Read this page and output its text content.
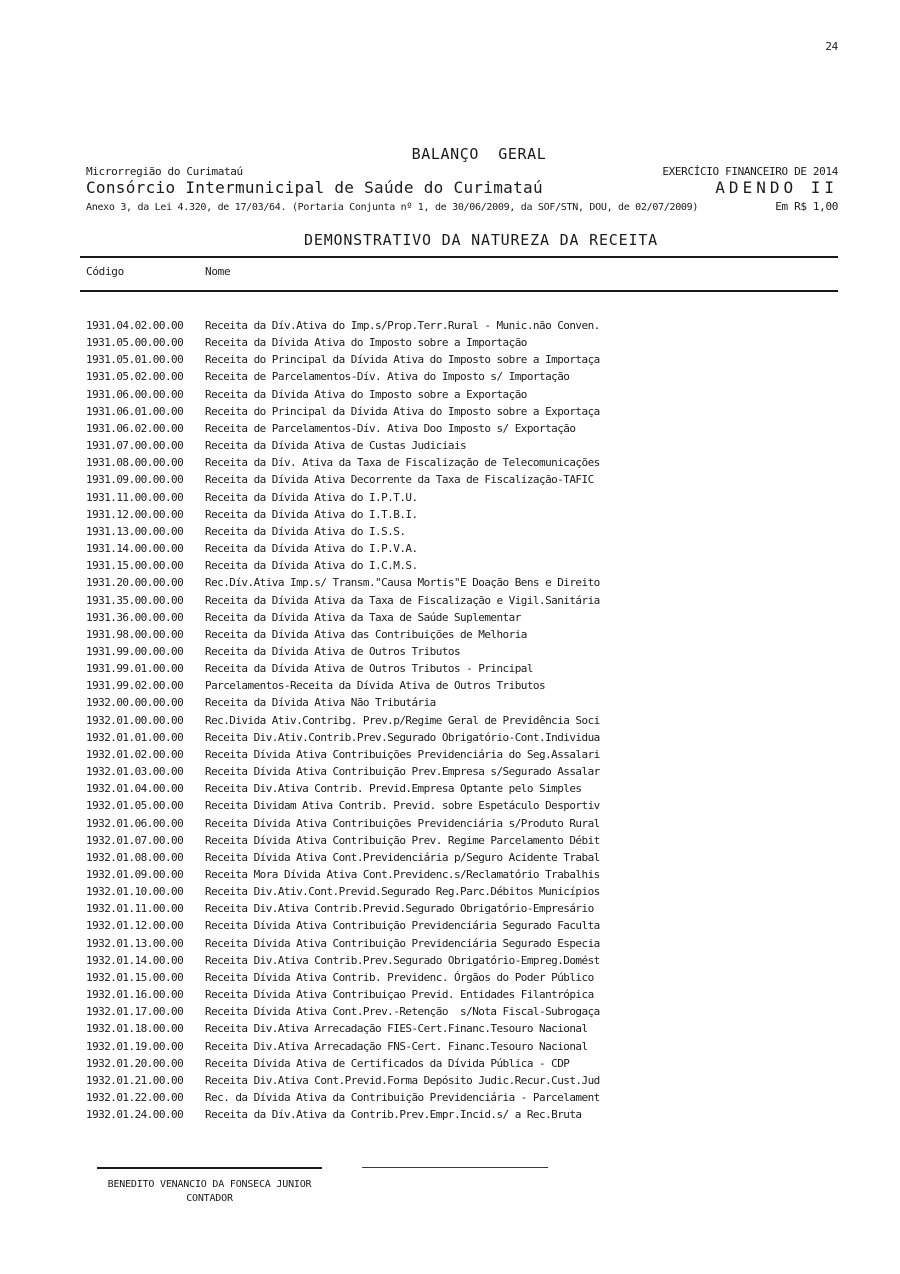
24
BALANÇO  GERAL
Microrregião do Curimataú	EXERCÍCIO FINANCEIRO DE 2014
Consórcio Intermunicipal de Saúde do Curimataú	ADENDO II
Anexo 3, da Lei 4.320, de 17/03/64. (Portaria Conjunta nº 1, de 30/06/2009, da SOF/STN, DOU, de 02/07/2009)	Em R$ 1,00
DEMONSTRATIVO DA NATUREZA DA RECEITA
Código	Nome
1931.04.02.00.00	Receita da Dív.Ativa do Imp.s/Prop.Terr.Rural - Munic.não Conven.
1931.05.00.00.00	Receita da Dívida Ativa do Imposto sobre a Importação
1931.05.01.00.00	Receita do Principal da Dívida Ativa do Imposto sobre a Importaça
1931.05.02.00.00	Receita de Parcelamentos-Dív. Ativa do Imposto s/ Importação
1931.06.00.00.00	Receita da Dívida Ativa do Imposto sobre a Exportação
1931.06.01.00.00	Receita do Principal da Dívida Ativa do Imposto sobre a Exportaça
1931.06.02.00.00	Receita de Parcelamentos-Dív. Ativa Doo Imposto s/ Exportação
1931.07.00.00.00	Receita da Dívida Ativa de Custas Judiciais
1931.08.00.00.00	Receita da Dív. Ativa da Taxa de Fiscalização de Telecomunicações
1931.09.00.00.00	Receita da Dívida Ativa Decorrente da Taxa de Fiscalização-TAFIC
1931.11.00.00.00	Receita da Dívida Ativa do I.P.T.U.
1931.12.00.00.00	Receita da Dívida Ativa do I.T.B.I.
1931.13.00.00.00	Receita da Dívida Ativa do I.S.S.
1931.14.00.00.00	Receita da Dívida Ativa do I.P.V.A.
1931.15.00.00.00	Receita da Dívida Ativa do I.C.M.S.
1931.20.00.00.00	Rec.Dív.Ativa Imp.s/ Transm."Causa Mortis"E Doação Bens e Direito
1931.35.00.00.00	Receita da Dívida Ativa da Taxa de Fiscalização e Vigil.Sanitária
1931.36.00.00.00	Receita da Dívida Ativa da Taxa de Saúde Suplementar
1931.98.00.00.00	Receita da Dívida Ativa das Contribuições de Melhoria
1931.99.00.00.00	Receita da Dívida Ativa de Outros Tributos
1931.99.01.00.00	Receita da Dívida Ativa de Outros Tributos - Principal
1931.99.02.00.00	Parcelamentos-Receita da Dívida Ativa de Outros Tributos
1932.00.00.00.00	Receita da Dívida Ativa Não Tributária
1932.01.00.00.00	Rec.Divida Ativ.Contribg. Prev.p/Regime Geral de Previdência Soci
1932.01.01.00.00	Receita Div.Ativ.Contrib.Prev.Segurado Obrigatório-Cont.Individua
1932.01.02.00.00	Receita Dívida Ativa Contribuições Previdenciária do Seg.Assalari
1932.01.03.00.00	Receita Dívida Ativa Contribuição Prev.Empresa s/Segurado Assalar
1932.01.04.00.00	Receita Div.Ativa Contrib. Previd.Empresa Optante pelo Simples
1932.01.05.00.00	Receita Dividam Ativa Contrib. Previd. sobre Espetáculo Desportiv
1932.01.06.00.00	Receita Dívida Ativa Contribuições Previdenciária s/Produto Rural
1932.01.07.00.00	Receita Dívida Ativa Contribuição Prev. Regime Parcelamento Débit
1932.01.08.00.00	Receita Dívida Ativa Cont.Previdenciária p/Seguro Acidente Trabal
1932.01.09.00.00	Receita Mora Dívida Ativa Cont.Previdenc.s/Reclamatório Trabalhis
1932.01.10.00.00	Receita Div.Ativ.Cont.Previd.Segurado Reg.Parc.Débitos Municípios
1932.01.11.00.00	Receita Div.Ativa Contrib.Previd.Segurado Obrigatório-Empresário
1932.01.12.00.00	Receita Dívida Ativa Contribuição Previdenciária Segurado Faculta
1932.01.13.00.00	Receita Dívida Ativa Contribuição Previdenciária Segurado Especia
1932.01.14.00.00	Receita Div.Ativa Contrib.Prev.Segurado Obrigatório-Empreg.Domést
1932.01.15.00.00	Receita Dívida Ativa Contrib. Previdenc. Órgãos do Poder Público
1932.01.16.00.00	Receita Dívida Ativa Contribuiçao Previd. Entidades Filantrópica
1932.01.17.00.00	Receita Dívida Ativa Cont.Prev.-Retenção  s/Nota Fiscal-Subrogaça
1932.01.18.00.00	Receita Div.Ativa Arrecadação FIES-Cert.Financ.Tesouro Nacional
1932.01.19.00.00	Receita Div.Ativa Arrecadação FNS-Cert. Financ.Tesouro Nacional
1932.01.20.00.00	Receita Dívida Ativa de Certificados da Dívida Pública - CDP
1932.01.21.00.00	Receita Div.Ativa Cont.Previd.Forma Depósito Judic.Recur.Cust.Jud
1932.01.22.00.00	Rec. da Dívida Ativa da Contribuição Previdenciária - Parcelament
1932.01.24.00.00	Receita da Dív.Ativa da Contrib.Prev.Empr.Incid.s/ a Rec.Bruta
BENEDITO VENANCIO DA FONSECA JUNIOR
CONTADOR
